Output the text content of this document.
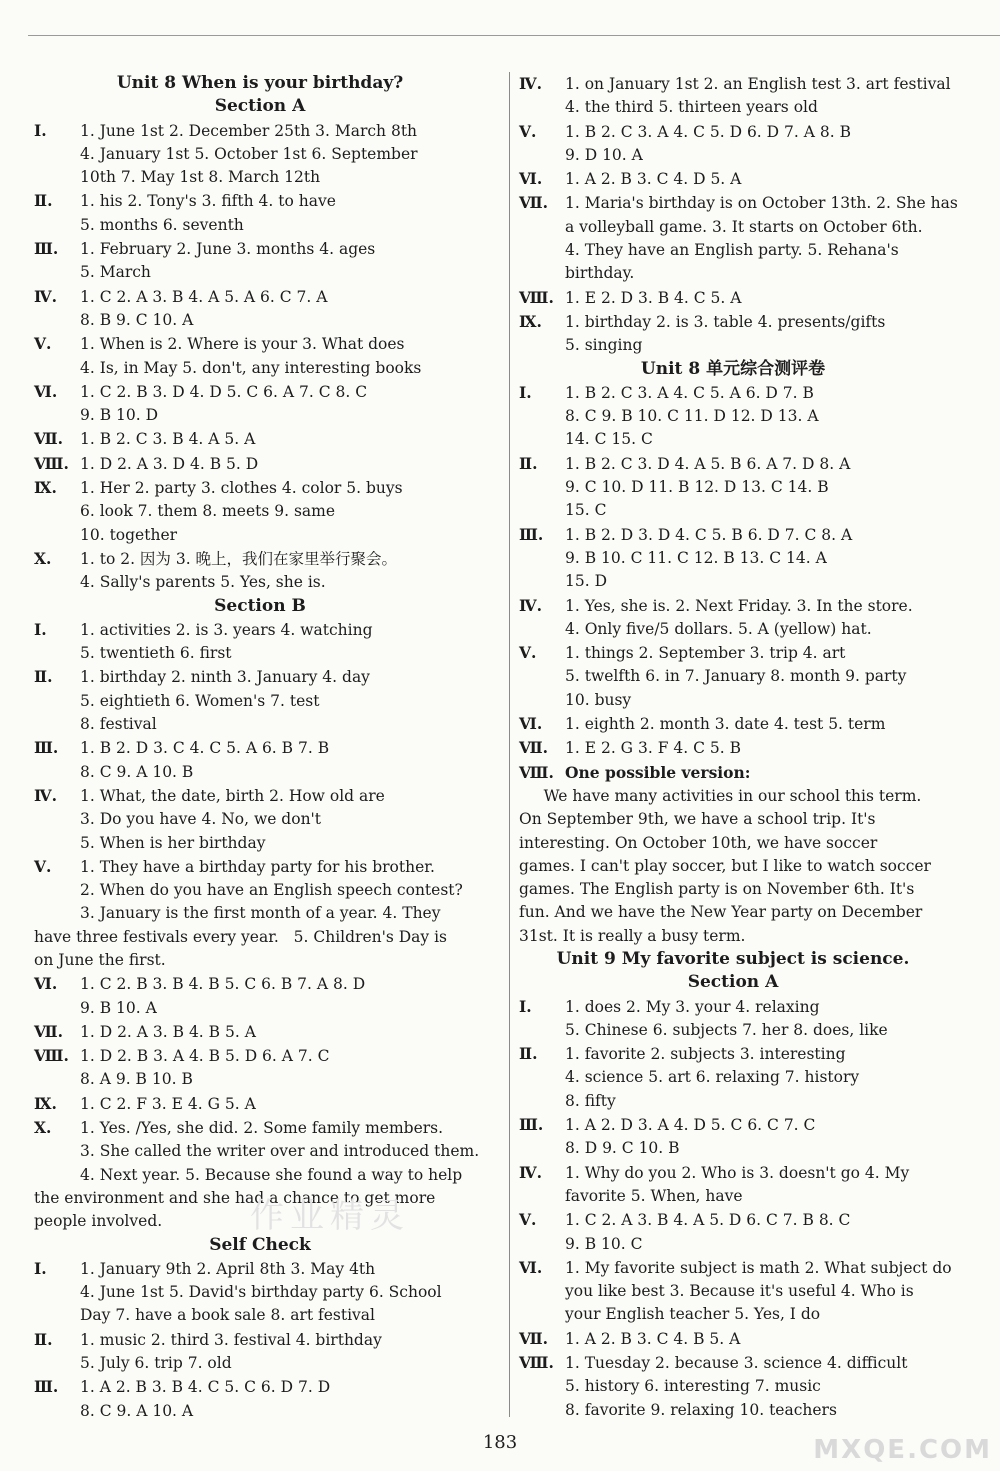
Unit 8 When is your birthday?
Section A
Ⅰ. 1. June 1st 2. December 25th 3. March 8th
4. January 1st 5. October 1st 6. September
10th 7. May 1st 8. March 12th
Ⅱ. 1. his 2. Tony's 3. fifth 4. to have
5. months 6. seventh
Ⅲ. 1. February 2. June 3. months 4. ages
5. March
Ⅳ. 1. C 2. A 3. B 4. A 5. A 6. C 7. A
8. B 9. C 10. A
Ⅴ. 1. When is 2. Where is your 3. What does
4. Is, in May 5. don't, any interesting books
Ⅵ. 1. C 2. B 3. D 4. D 5. C 6. A 7. C 8. C
9. B 10. D
Ⅶ. 1. B 2. C 3. B 4. A 5. A
Ⅷ. 1. D 2. A 3. D 4. B 5. D
Ⅸ. 1. Her 2. party 3. clothes 4. color 5. buys
6. look 7. them 8. meets 9. same
10. together
Ⅹ. 1. to 2. 因为 3. 晚上，我们在家里举行聚会。
4. Sally's parents 5. Yes, she is.
Section B
Ⅰ. 1. activities 2. is 3. years 4. watching
5. twentieth 6. first
Ⅱ. 1. birthday 2. ninth 3. January 4. day
5. eightieth 6. Women's 7. test
8. festival
Ⅲ. 1. B 2. D 3. C 4. C 5. A 6. B 7. B
8. C 9. A 10. B
Ⅳ. 1. What, the date, birth 2. How old are
3. Do you have 4. No, we don't
5. When is her birthday
Ⅴ. 1. They have a birthday party for his brother.
2. When do you have an English speech contest?
3. January is the first month of a year. 4. They
have three festivals every year.   5. Children's Day is
on June the first.
Ⅵ. 1. C 2. B 3. B 4. B 5. C 6. B 7. A 8. D
9. B 10. A
Ⅶ. 1. D 2. A 3. B 4. B 5. A
Ⅷ. 1. D 2. B 3. A 4. B 5. D 6. A 7. C
8. A 9. B 10. B
Ⅸ. 1. C 2. F 3. E 4. G 5. A
Ⅹ. 1. Yes. /Yes, she did. 2. Some family members.
3. She called the writer over and introduced them.
4. Next year. 5. Because she found a way to help
the environment and she had a chance to get more
people involved.
Self Check
Ⅰ. 1. January 9th 2. April 8th 3. May 4th
4. June 1st 5. David's birthday party 6. School
Day 7. have a book sale 8. art festival
Ⅱ. 1. music 2. third 3. festival 4. birthday
5. July 6. trip 7. old
Ⅲ. 1. A 2. B 3. B 4. C 5. C 6. D 7. D
8. C 9. A 10. A
Ⅳ. 1. on January 1st 2. an English test 3. art festival
4. the third 5. thirteen years old
Ⅴ. 1. B 2. C 3. A 4. C 5. D 6. D 7. A 8. B
9. D 10. A
Ⅵ. 1. A 2. B 3. C 4. D 5. A
Ⅶ. 1. Maria's birthday is on October 13th. 2. She has
a volleyball game. 3. It starts on October 6th.
4. They have an English party. 5. Rehana's
birthday.
Ⅷ. 1. E 2. D 3. B 4. C 5. A
Ⅸ. 1. birthday 2. is 3. table 4. presents/gifts
5. singing
Unit 8 单元综合测评卷
Ⅰ. 1. B 2. C 3. A 4. C 5. A 6. D 7. B
8. C 9. B 10. C 11. D 12. D 13. A
14. C 15. C
Ⅱ. 1. B 2. C 3. D 4. A 5. B 6. A 7. D 8. A
9. C 10. D 11. B 12. D 13. C 14. B
15. C
Ⅲ. 1. B 2. D 3. D 4. C 5. B 6. D 7. C 8. A
9. B 10. C 11. C 12. B 13. C 14. A
15. D
Ⅳ. 1. Yes, she is. 2. Next Friday. 3. In the store.
4. Only five/5 dollars. 5. A (yellow) hat.
Ⅴ. 1. things 2. September 3. trip 4. art
5. twelfth 6. in 7. January 8. month 9. party
10. busy
Ⅵ. 1. eighth 2. month 3. date 4. test 5. term
Ⅶ. 1. E 2. G 3. F 4. C 5. B
Ⅷ. One possible version:
We have many activities in our school this term.
On September 9th, we have a school trip. It's
interesting. On October 10th, we have soccer
games. I can't play soccer, but I like to watch soccer
games. The English party is on November 6th. It's
fun. And we have the New Year party on December
31st. It is really a busy term.
Unit 9 My favorite subject is science.
Section A
Ⅰ. 1. does 2. My 3. your 4. relaxing
5. Chinese 6. subjects 7. her 8. does, like
Ⅱ. 1. favorite 2. subjects 3. interesting
4. science 5. art 6. relaxing 7. history
8. fifty
Ⅲ. 1. A 2. D 3. A 4. D 5. C 6. C 7. C
8. D 9. C 10. B
Ⅳ. 1. Why do you 2. Who is 3. doesn't go 4. My
favorite 5. When, have
Ⅴ. 1. C 2. A 3. B 4. A 5. D 6. C 7. B 8. C
9. B 10. C
Ⅵ. 1. My favorite subject is math 2. What subject do
you like best 3. Because it's useful 4. Who is
your English teacher 5. Yes, I do
Ⅶ. 1. A 2. B 3. C 4. B 5. A
Ⅷ. 1. Tuesday 2. because 3. science 4. difficult
5. history 6. interesting 7. music
8. favorite 9. relaxing 10. teachers
作业精灵
183	MXQE.COM
